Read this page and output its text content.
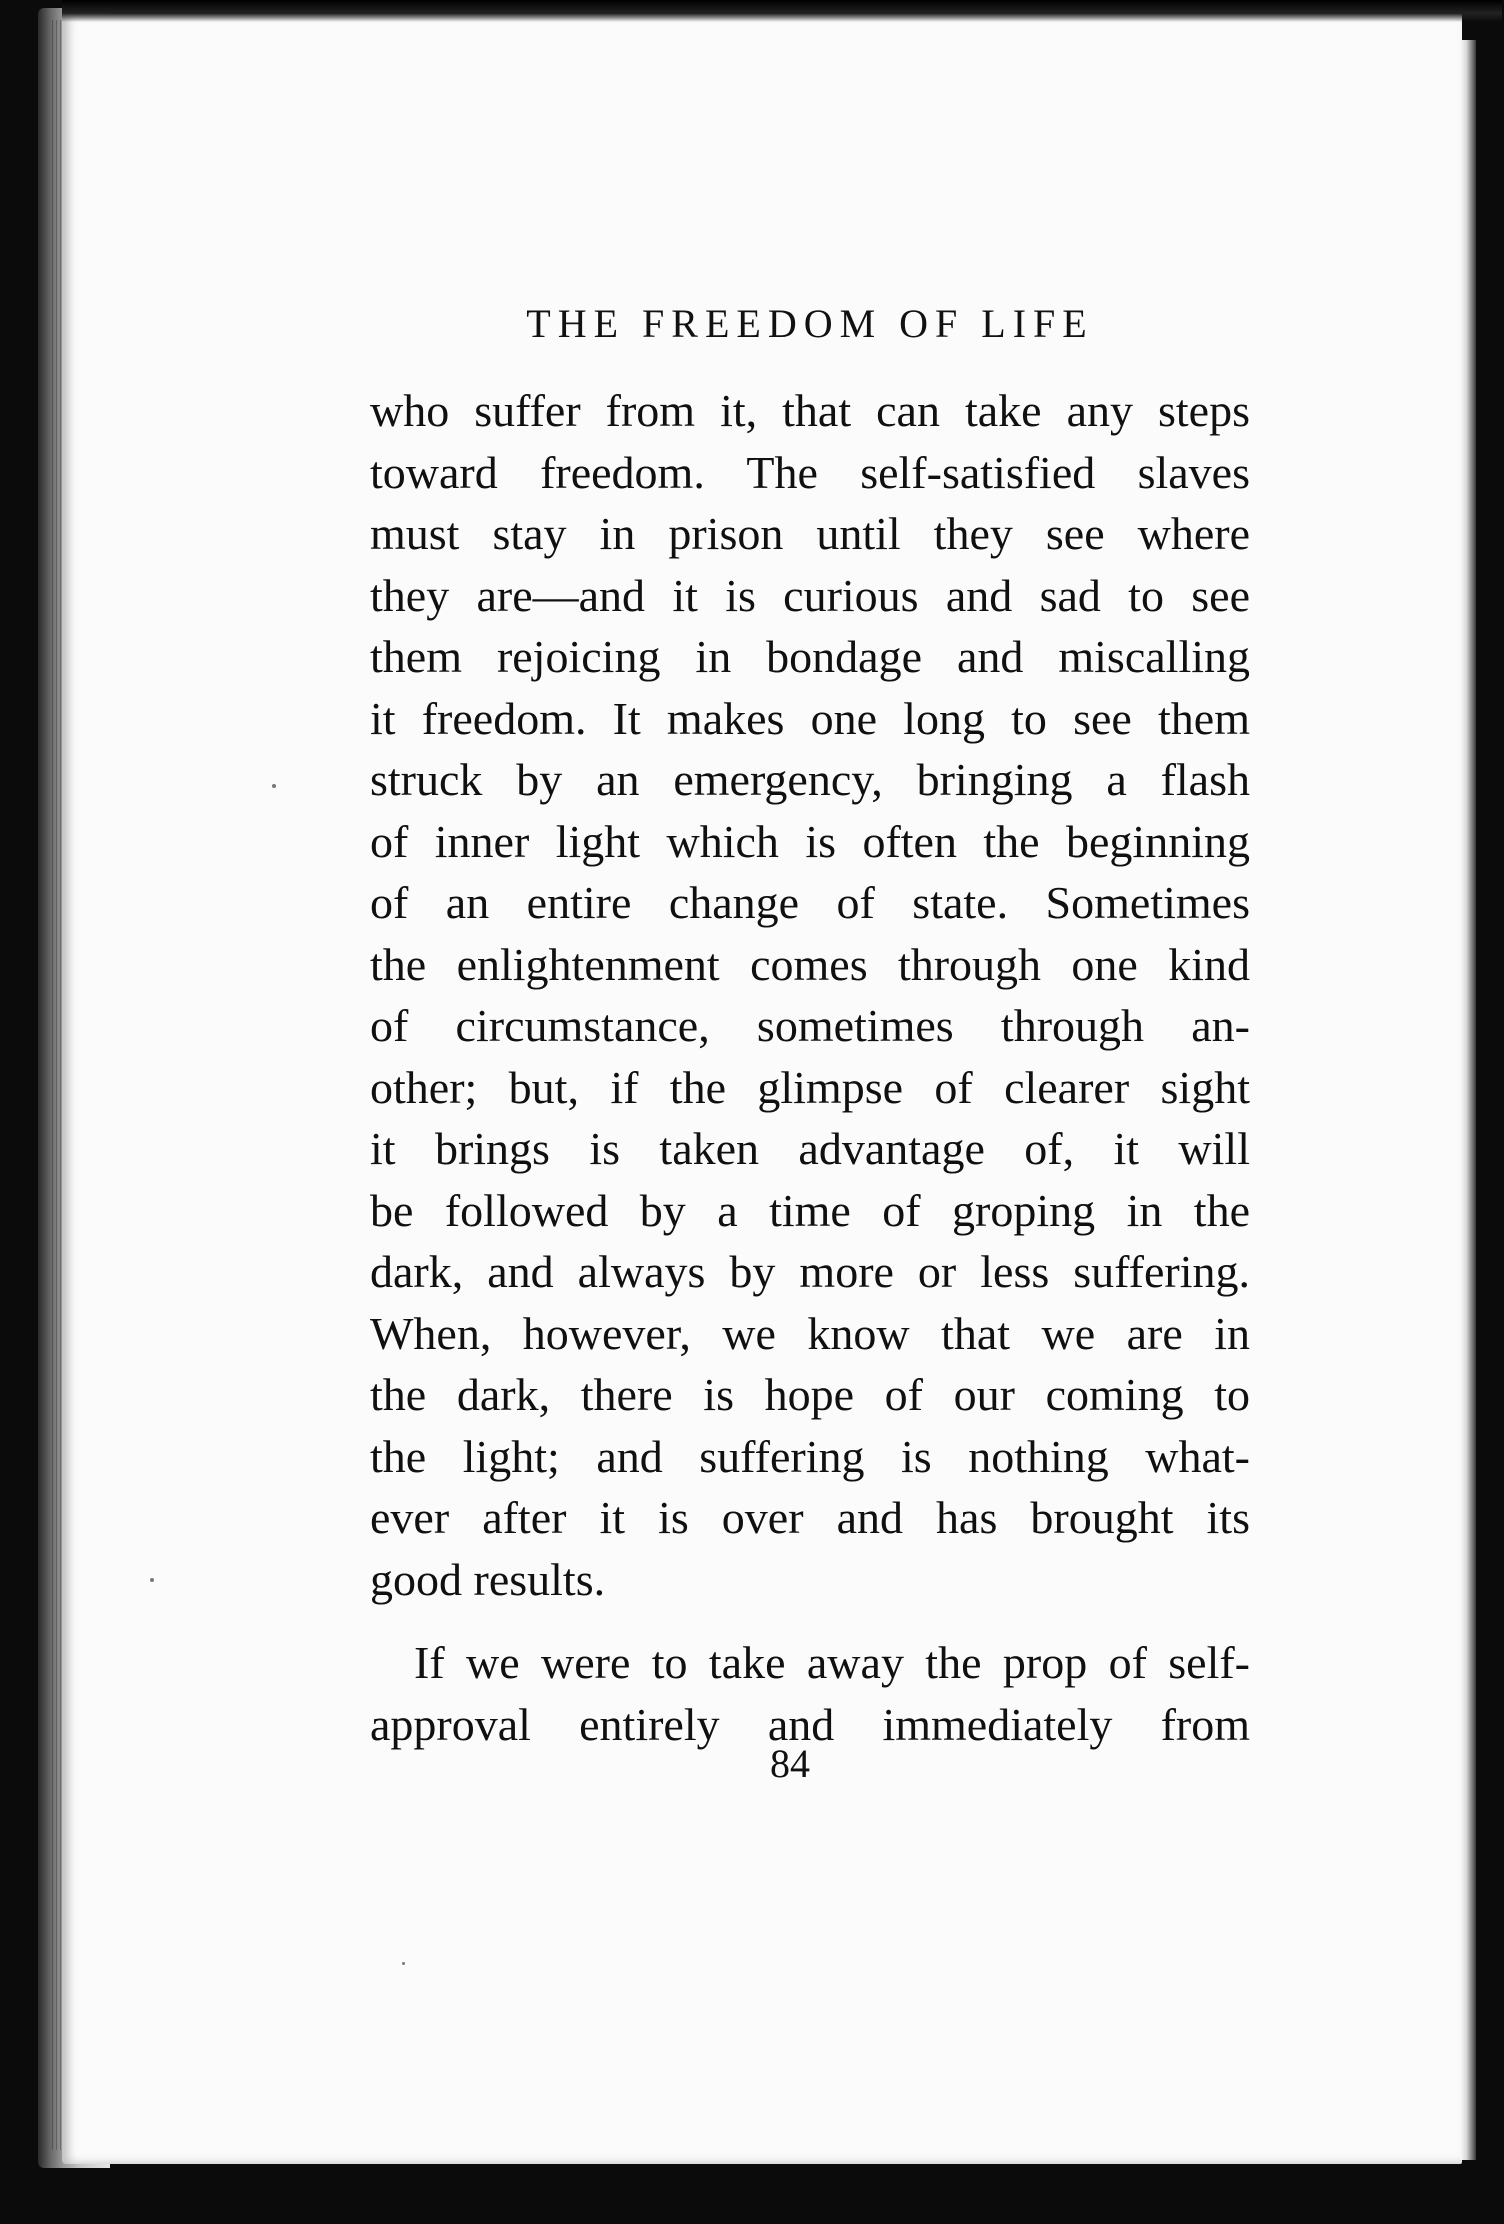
THE FREEDOM OF LIFE
who suffer from it, that can take any steps
toward freedom. The self-satisfied slaves
must stay in prison until they see where
they are—and it is curious and sad to see
them rejoicing in bondage and miscalling
it freedom. It makes one long to see them
struck by an emergency, bringing a flash
of inner light which is often the beginning
of an entire change of state. Sometimes
the enlightenment comes through one kind
of circumstance, sometimes through an-
other; but, if the glimpse of clearer sight
it brings is taken advantage of, it will
be followed by a time of groping in the
dark, and always by more or less suffering.
When, however, we know that we are in
the dark, there is hope of our coming to
the light; and suffering is nothing what-
ever after it is over and has brought its
good results.
If we were to take away the prop of self-
approval entirely and immediately from
84
